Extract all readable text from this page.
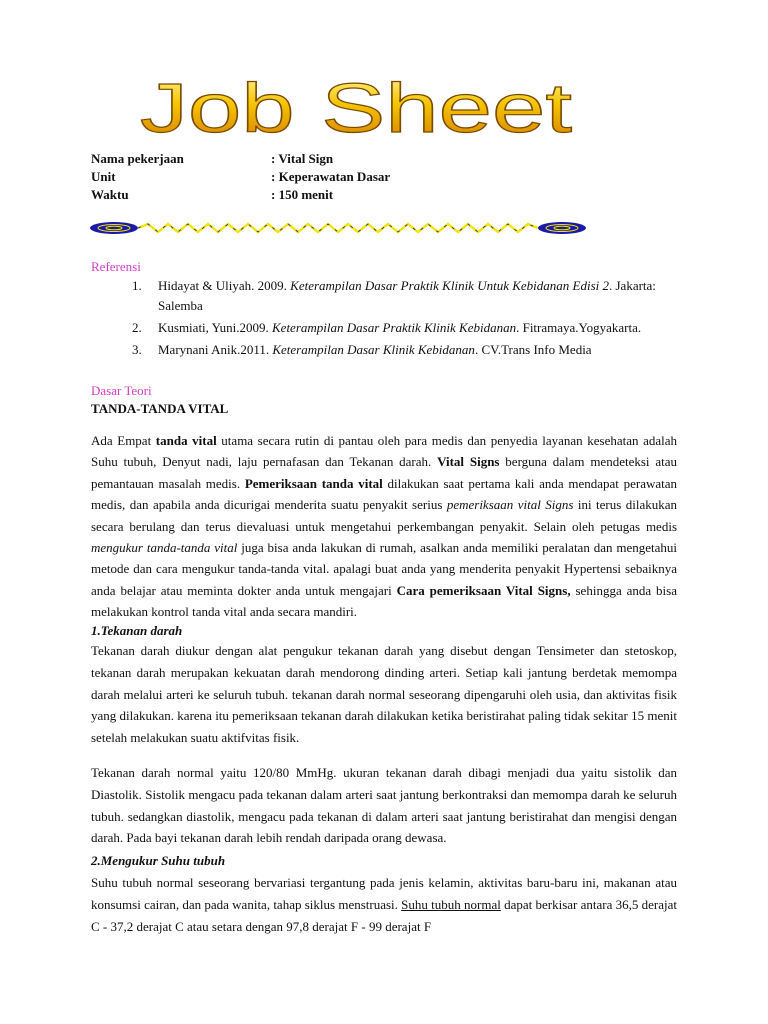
Job Sheet
Nama pekerjaan	: Vital Sign
Unit	: Keperawatan Dasar
Waktu	: 150 menit
Referensi
1. Hidayat & Uliyah. 2009. Keterampilan Dasar Praktik Klinik Untuk Kebidanan Edisi 2. Jakarta: Salemba
2. Kusmiati, Yuni.2009. Keterampilan Dasar Praktik Klinik Kebidanan. Fitramaya.Yogyakarta.
3. Marynani Anik.2011. Keterampilan Dasar Klinik Kebidanan. CV.Trans Info Media
Dasar Teori
TANDA-TANDA VITAL
Ada Empat tanda vital utama secara rutin di pantau oleh para medis dan penyedia layanan kesehatan adalah Suhu tubuh, Denyut nadi, laju pernafasan dan Tekanan darah. Vital Signs berguna dalam mendeteksi atau pemantauan masalah medis. Pemeriksaan tanda vital dilakukan saat pertama kali anda mendapat perawatan medis, dan apabila anda dicurigai menderita suatu penyakit serius pemeriksaan vital Signs ini terus dilakukan secara berulang dan terus dievaluasi untuk mengetahui perkembangan penyakit. Selain oleh petugas medis mengukur tanda-tanda vital juga bisa anda lakukan di rumah, asalkan anda memiliki peralatan dan mengetahui metode dan cara mengukur tanda-tanda vital. apalagi buat anda yang menderita penyakit Hypertensi sebaiknya anda belajar atau meminta dokter anda untuk mengajari Cara pemeriksaan Vital Signs, sehingga anda bisa melakukan kontrol tanda vital anda secara mandiri.
1.Tekanan darah
Tekanan darah diukur dengan alat pengukur tekanan darah yang disebut dengan Tensimeter dan stetoskop, tekanan darah merupakan kekuatan darah mendorong dinding arteri. Setiap kali jantung berdetak memompa darah melalui arteri ke seluruh tubuh. tekanan darah normal seseorang dipengaruhi oleh usia, dan aktivitas fisik yang dilakukan. karena itu pemeriksaan tekanan darah dilakukan ketika beristirahat paling tidak sekitar 15 menit setelah melakukan suatu aktifvitas fisik.
Tekanan darah normal yaitu 120/80 MmHg. ukuran tekanan darah dibagi menjadi dua yaitu sistolik dan Diastolik. Sistolik mengacu pada tekanan dalam arteri saat jantung berkontraksi dan memompa darah ke seluruh tubuh. sedangkan diastolik, mengacu pada tekanan di dalam arteri saat jantung beristirahat dan mengisi dengan darah. Pada bayi tekanan darah lebih rendah daripada orang dewasa.
2.Mengukur Suhu tubuh
Suhu tubuh normal seseorang bervariasi tergantung pada jenis kelamin, aktivitas baru-baru ini, makanan atau konsumsi cairan, dan pada wanita, tahap siklus menstruasi. Suhu tubuh normal dapat berkisar antara 36,5 derajat C - 37,2 derajat C atau setara dengan 97,8 derajat F - 99 derajat F
